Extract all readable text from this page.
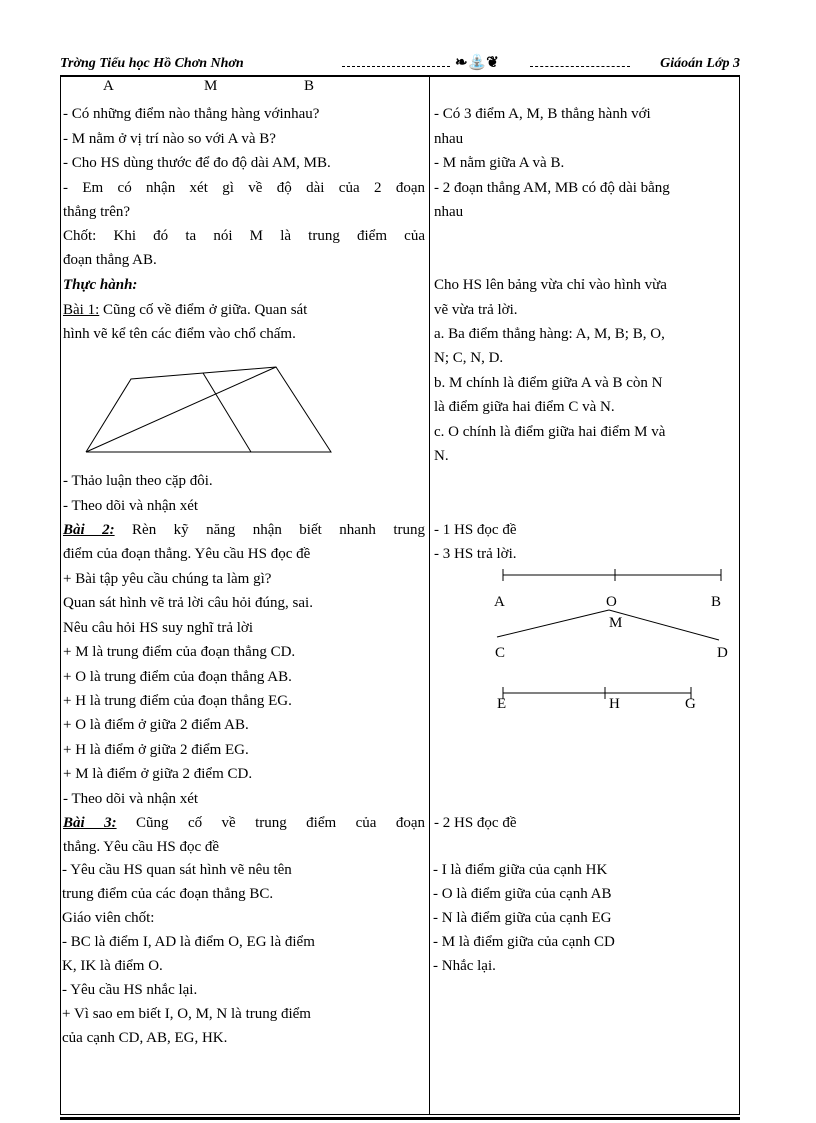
Trờng Tiểu học Hồ Chơn Nhơn	❧⛲❦	Giáoán Lớp 3
A	M	B
- Có những điểm nào thẳng hàng vớinhau?
- M nằm ở vị trí nào so với A và B?
- Cho HS dùng thước để đo độ dài AM, MB.
- Em có nhận xét gì về độ dài của 2 đoạn
thẳng trên?
Chốt: Khi đó ta nói M là trung điểm của
đoạn thẳng AB.
Thực hành:
Bài 1: Cũng cố về điểm ở giữa. Quan sát
hình vẽ kể tên các điểm vào chổ chấm.
- Thảo luận theo cặp đôi.
- Theo dõi và nhận xét
Bài 2: Rèn kỹ năng nhận biết nhanh trung
điểm của đoạn thẳng. Yêu cầu HS đọc đề
+ Bài tập yêu cầu chúng ta làm gì?
Quan sát hình vẽ trả lời câu hỏi đúng, sai.
Nêu câu hỏi HS suy nghĩ trả lời
+ M là trung điểm của đoạn thẳng CD.
+ O là trung điểm của đoạn thẳng AB.
+ H là trung điểm của đoạn thẳng EG.
+ O là điểm ở giữa 2 điểm AB.
+ H là điểm ở giữa 2 điểm EG.
+ M là điểm ở giữa 2 điểm CD.
- Theo dõi và nhận xét
Bài 3: Cũng cố về trung điểm của đoạn
thẳng. Yêu cầu HS đọc đề
- Có 3 điểm A, M, B thẳng hành với
nhau
- M nằm giữa A và B.
- 2 đoạn thẳng AM, MB có độ dài bằng
nhau
Cho HS lên bảng vừa chỉ vào hình vừa
vẽ vừa trả lời.
a. Ba điểm thẳng hàng: A, M, B; B, O,
N; C, N, D.
b. M chính là điểm giữa A và B còn N
là điểm giữa hai điểm C và N.
c. O chính là điểm giữa hai điểm M và
N.
- 1 HS đọc đề
- 3 HS trả lời.
A	O	B
M
C	D
E	H	G
- 2 HS đọc đề
- Yêu cầu HS quan sát hình vẽ nêu tên
trung điểm của các đoạn thẳng BC.
Giáo viên chốt:
- BC là điểm I, AD là điểm O, EG là điểm
K, IK là điểm O.
- Yêu cầu HS nhắc lại.
+ Vì sao em biết I, O, M, N là trung điểm
của cạnh CD, AB, EG, HK.
- I là điểm giữa của cạnh HK
- O là điểm giữa của cạnh AB
- N là điểm giữa của cạnh EG
- M là điểm giữa của cạnh CD
- Nhắc lại.
